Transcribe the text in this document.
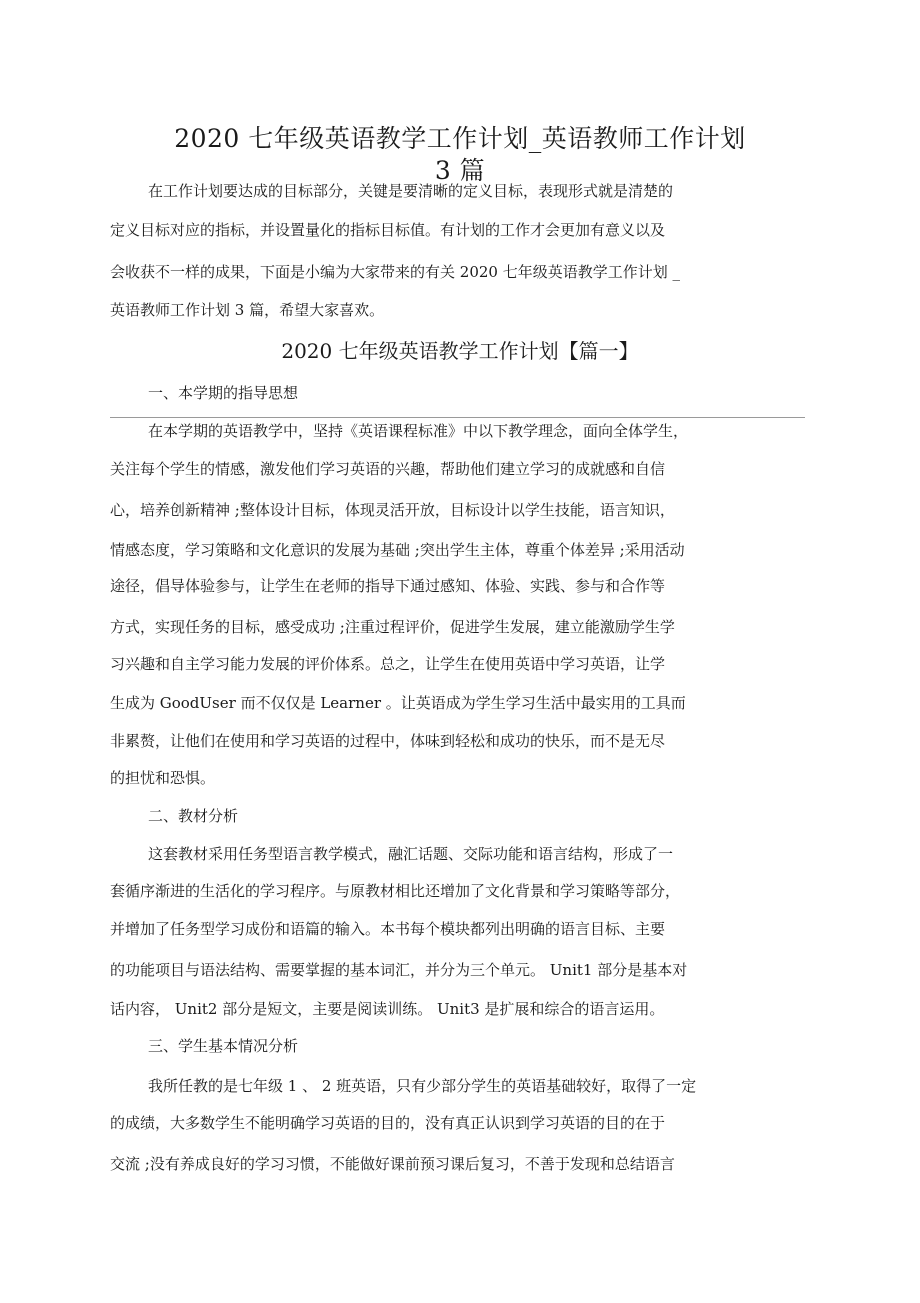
2020 七年级英语教学工作计划_英语教师工作计划
3 篇
在工作计划要达成的目标部分，关键是要清晰的定义目标，表现形式就是清楚的
定义目标对应的指标，并设置量化的指标目标值。有计划的工作才会更加有意义以及
会收获不一样的成果，下面是小编为大家带来的有关 2020 七年级英语教学工作计划 _
英语教师工作计划 3 篇，希望大家喜欢。
2020 七年级英语教学工作计划【篇一】
一、本学期的指导思想
在本学期的英语教学中，坚持《英语课程标准》中以下教学理念，面向全体学生，
关注每个学生的情感，激发他们学习英语的兴趣，帮助他们建立学习的成就感和自信
心，培养创新精神 ;整体设计目标，体现灵活开放，目标设计以学生技能，语言知识，
情感态度，学习策略和文化意识的发展为基础 ;突出学生主体，尊重个体差异 ;采用活动
途径，倡导体验参与，让学生在老师的指导下通过感知、体验、实践、参与和合作等
方式，实现任务的目标，感受成功 ;注重过程评价，促进学生发展，建立能激励学生学
习兴趣和自主学习能力发展的评价体系。总之，让学生在使用英语中学习英语，让学
生成为 GoodUser 而不仅仅是 Learner 。让英语成为学生学习生活中最实用的工具而
非累赘，让他们在使用和学习英语的过程中，体味到轻松和成功的快乐，而不是无尽
的担忧和恐惧。
二、教材分析
这套教材采用任务型语言教学模式，融汇话题、交际功能和语言结构，形成了一
套循序渐进的生活化的学习程序。与原教材相比还增加了文化背景和学习策略等部分，
并增加了任务型学习成份和语篇的输入。本书每个模块都列出明确的语言目标、主要
的功能项目与语法结构、需要掌握的基本词汇，并分为三个单元。 Unit1 部分是基本对
话内容， Unit2 部分是短文，主要是阅读训练。 Unit3 是扩展和综合的语言运用。
三、学生基本情况分析
我所任教的是七年级 1 、 2 班英语，只有少部分学生的英语基础较好，取得了一定
的成绩，大多数学生不能明确学习英语的目的，没有真正认识到学习英语的目的在于
交流 ;没有养成良好的学习习惯，不能做好课前预习课后复习，不善于发现和总结语言
